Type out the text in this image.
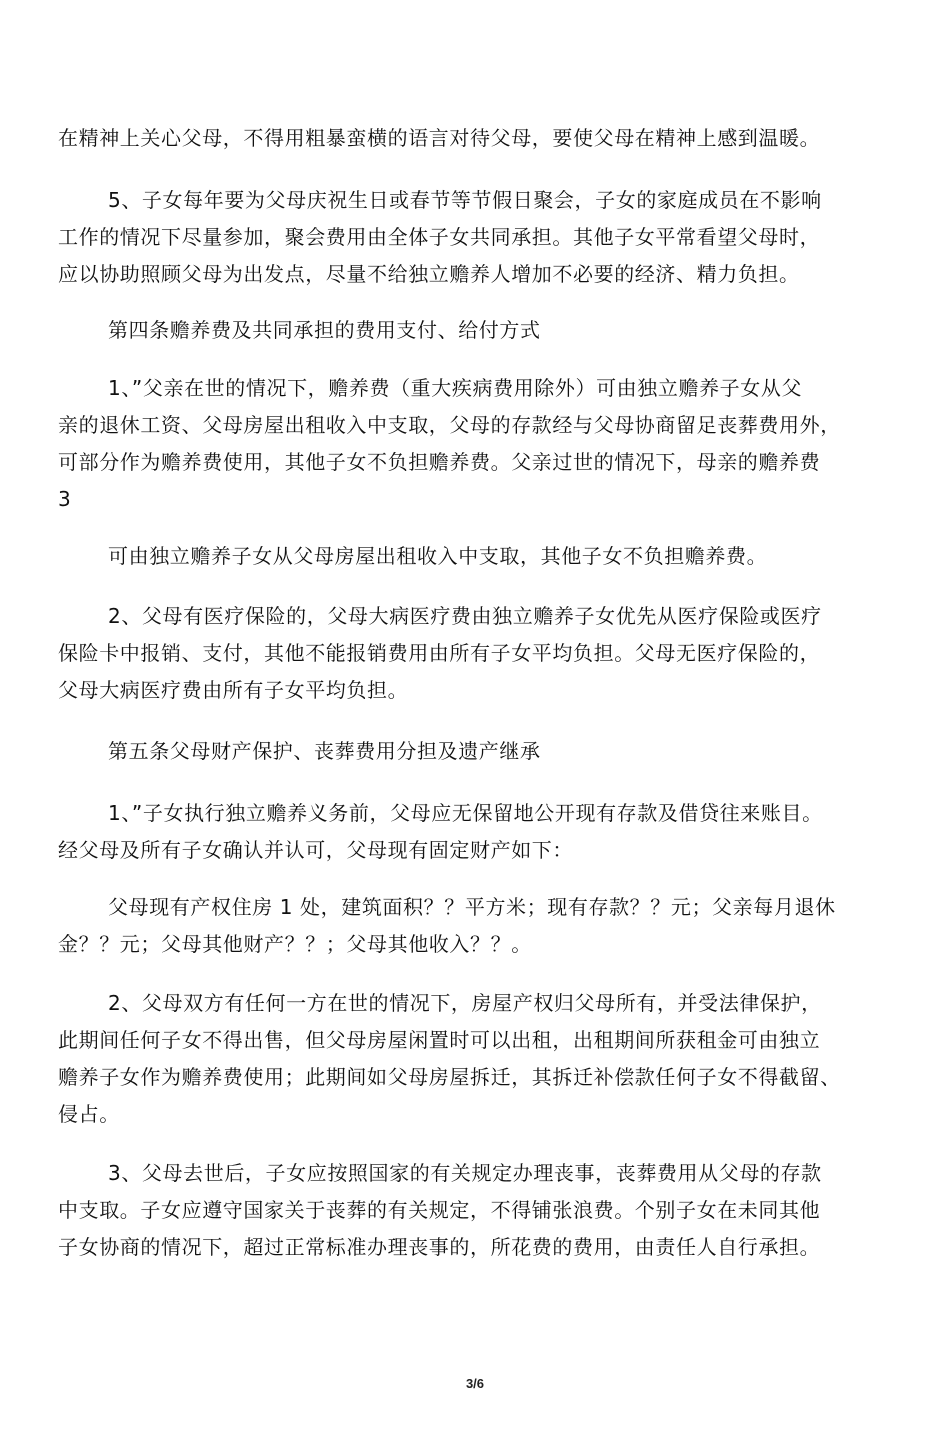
在精神上关心父母，不得用粗暴蛮横的语言对待父母，要使父母在精神上感到温暖。

5、子女每年要为父母庆祝生日或春节等节假日聚会，子女的家庭成员在不影响
工作的情况下尽量参加，聚会费用由全体子女共同承担。其他子女平常看望父母时，
应以协助照顾父母为出发点，尽量不给独立赡养人增加不必要的经济、精力负担。

第四条赡养费及共同承担的费用支付、给付方式

1、”父亲在世的情况下，赡养费（重大疾病费用除外）可由独立赡养子女从父
亲的退休工资、父母房屋出租收入中支取，父母的存款经与父母协商留足丧葬费用外，
可部分作为赡养费使用，其他子女不负担赡养费。父亲过世的情况下，母亲的赡养费
3

可由独立赡养子女从父母房屋出租收入中支取，其他子女不负担赡养费。

2、父母有医疗保险的，父母大病医疗费由独立赡养子女优先从医疗保险或医疗
保险卡中报销、支付，其他不能报销费用由所有子女平均负担。父母无医疗保险的，
父母大病医疗费由所有子女平均负担。

第五条父母财产保护、丧葬费用分担及遗产继承

1、”子女执行独立赡养义务前，父母应无保留地公开现有存款及借贷往来账目。
经父母及所有子女确认并认可，父母现有固定财产如下：

父母现有产权住房 1 处，建筑面积？？平方米；现有存款？？元；父亲每月退休
金？？元；父母其他财产？？；父母其他收入？？。

2、父母双方有任何一方在世的情况下，房屋产权归父母所有，并受法律保护，
此期间任何子女不得出售，但父母房屋闲置时可以出租，出租期间所获租金可由独立
赡养子女作为赡养费使用；此期间如父母房屋拆迁，其拆迁补偿款任何子女不得截留、
侵占。

3、父母去世后，子女应按照国家的有关规定办理丧事，丧葬费用从父母的存款
中支取。子女应遵守国家关于丧葬的有关规定，不得铺张浪费。个别子女在未同其他
子女协商的情况下，超过正常标准办理丧事的，所花费的费用，由责任人自行承担。

3/6
